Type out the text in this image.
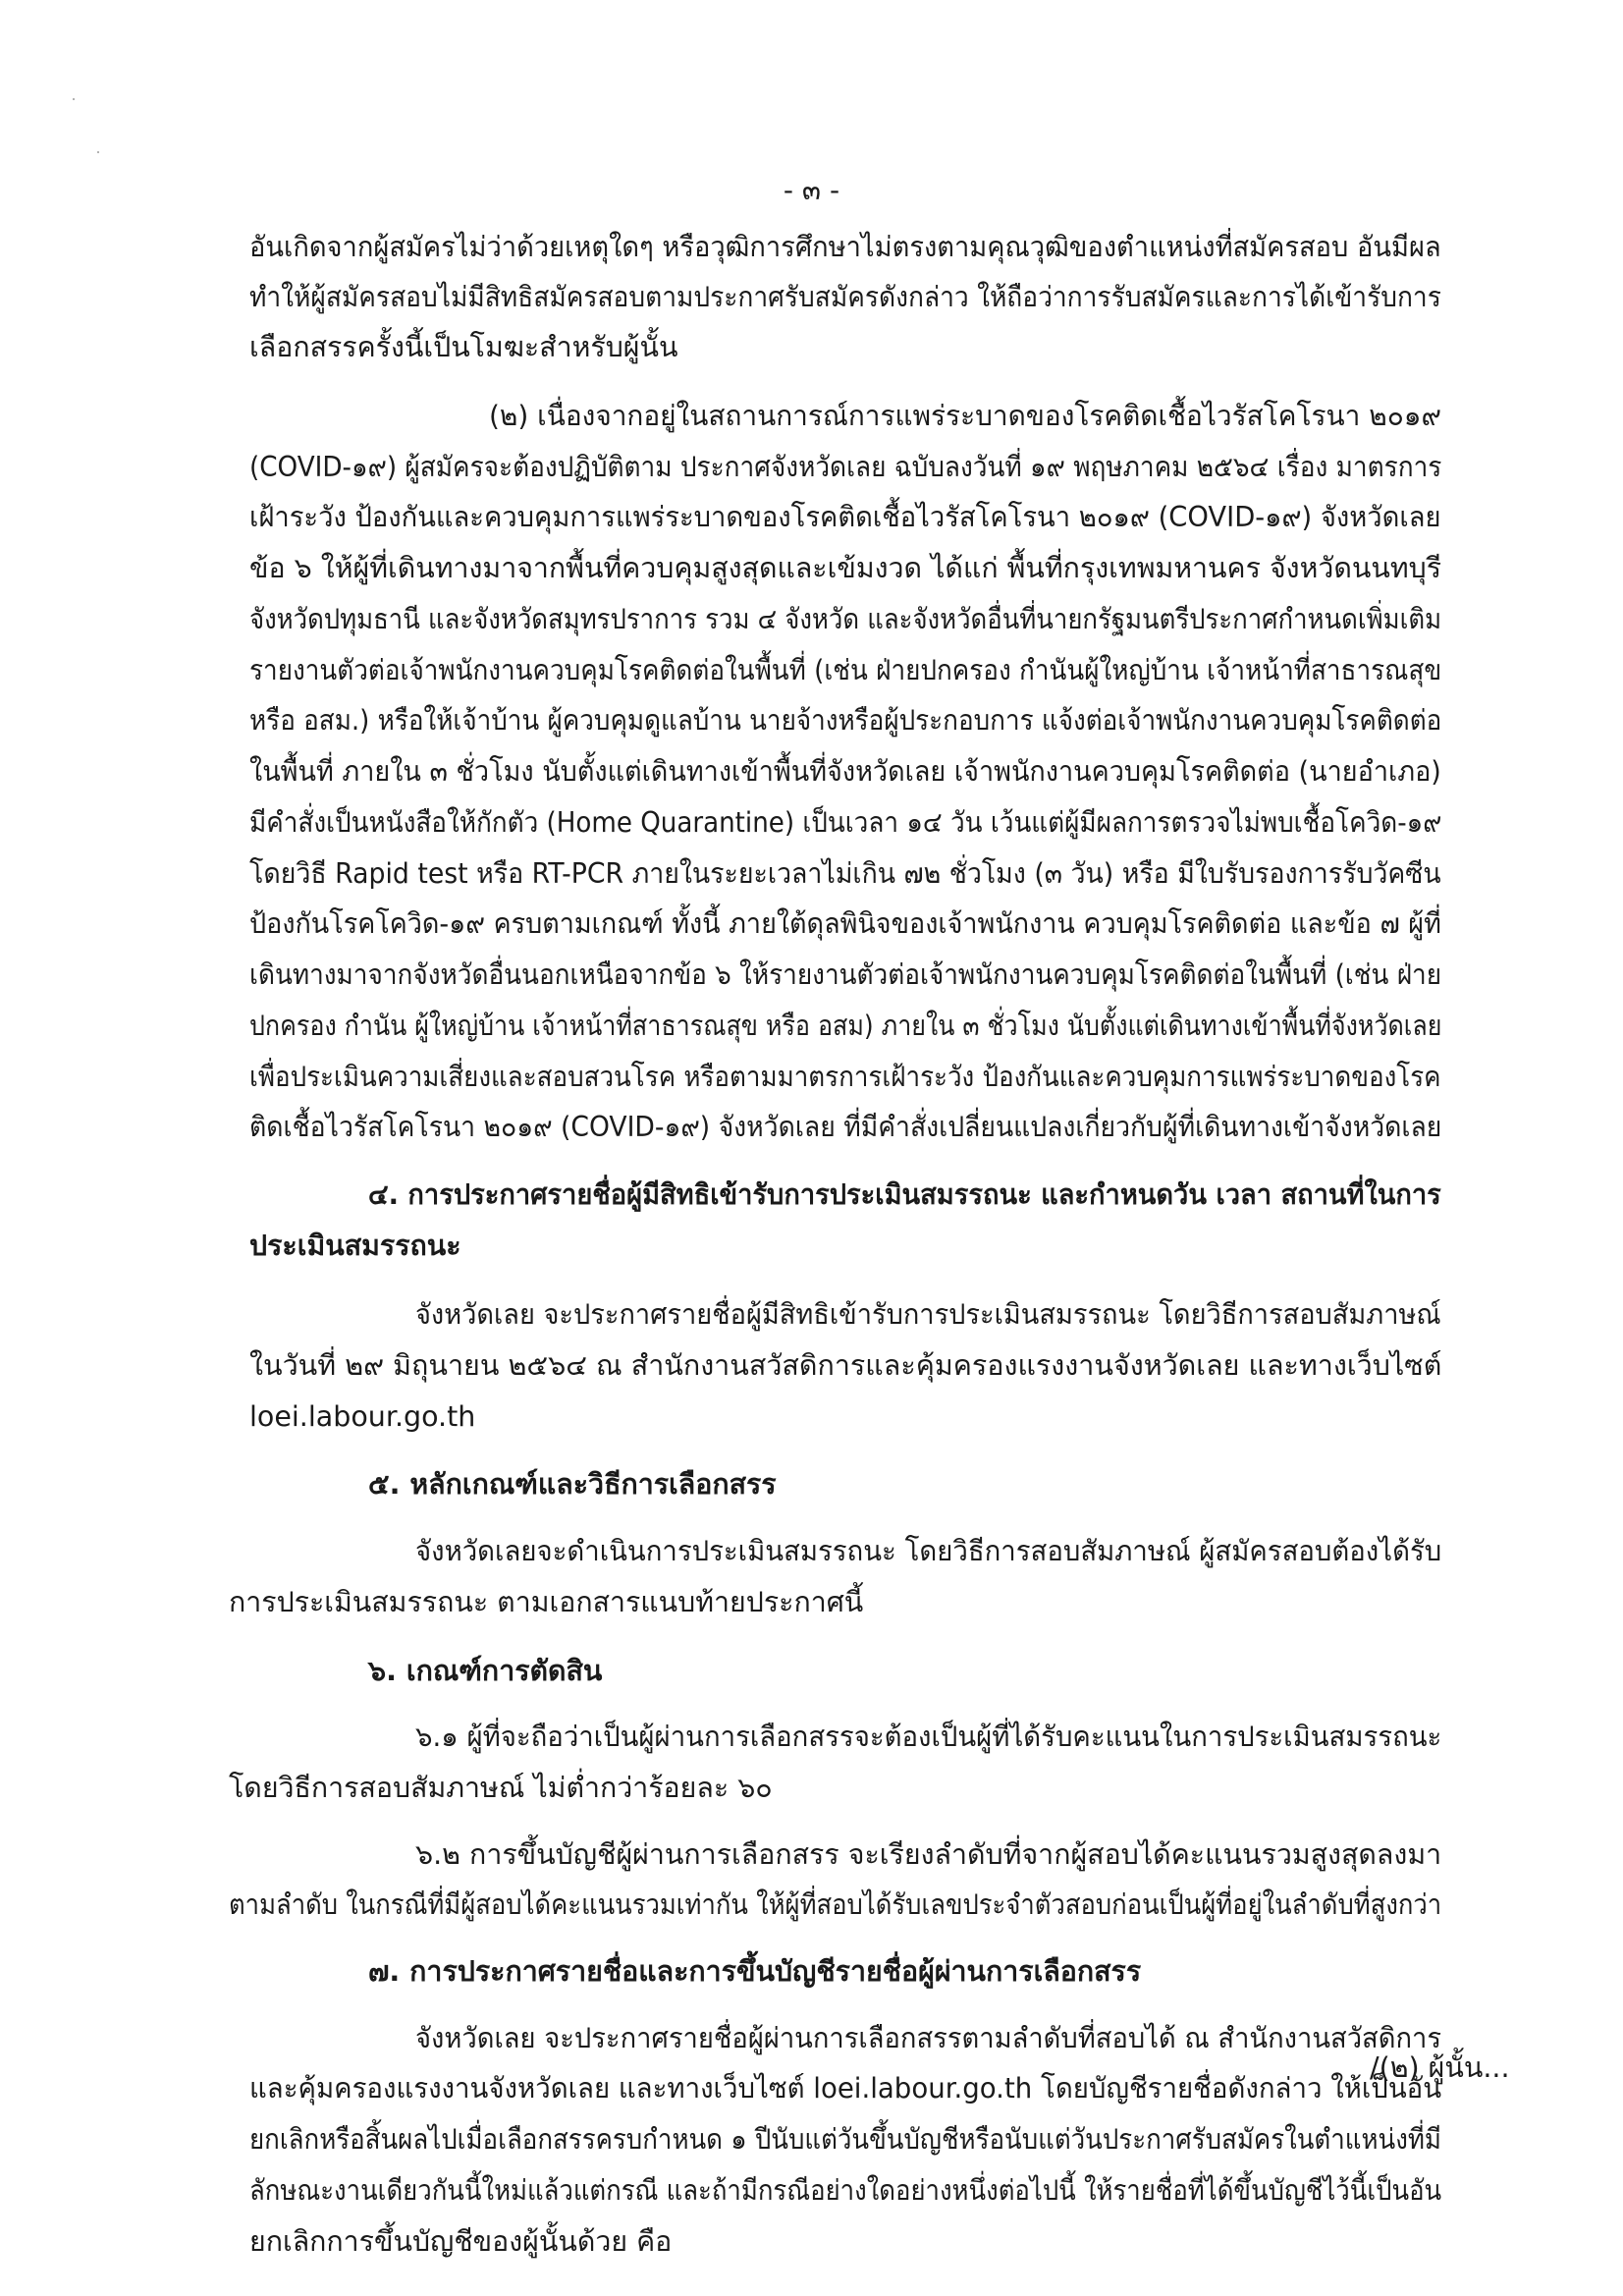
- ๓ -
อันเกิดจากผู้สมัครไม่ว่าด้วยเหตุใดๆ หรือวุฒิการศึกษาไม่ตรงตามคุณวุฒิของตำแหน่งที่สมัครสอบ อันมีผล
ทำให้ผู้สมัครสอบไม่มีสิทธิสมัครสอบตามประกาศรับสมัครดังกล่าว ให้ถือว่าการรับสมัครและการได้เข้ารับการ
เลือกสรรครั้งนี้เป็นโมฆะสำหรับผู้นั้น
(๒) เนื่องจากอยู่ในสถานการณ์การแพร่ระบาดของโรคติดเชื้อไวรัสโคโรนา ๒๐๑๙
(COVID-๑๙) ผู้สมัครจะต้องปฏิบัติตาม ประกาศจังหวัดเลย ฉบับลงวันที่ ๑๙ พฤษภาคม ๒๕๖๔ เรื่อง มาตรการ
เฝ้าระวัง ป้องกันและควบคุมการแพร่ระบาดของโรคติดเชื้อไวรัสโคโรนา ๒๐๑๙ (COVID-๑๙) จังหวัดเลย
ข้อ ๖ ให้ผู้ที่เดินทางมาจากพื้นที่ควบคุมสูงสุดและเข้มงวด ได้แก่ พื้นที่กรุงเทพมหานคร จังหวัดนนทบุรี
จังหวัดปทุมธานี และจังหวัดสมุทรปราการ รวม ๔ จังหวัด และจังหวัดอื่นที่นายกรัฐมนตรีประกาศกำหนดเพิ่มเติม
รายงานตัวต่อเจ้าพนักงานควบคุมโรคติดต่อในพื้นที่ (เช่น ฝ่ายปกครอง กำนันผู้ใหญ่บ้าน เจ้าหน้าที่สาธารณสุข
หรือ อสม.) หรือให้เจ้าบ้าน ผู้ควบคุมดูแลบ้าน นายจ้างหรือผู้ประกอบการ แจ้งต่อเจ้าพนักงานควบคุมโรคติดต่อ
ในพื้นที่ ภายใน ๓ ชั่วโมง นับตั้งแต่เดินทางเข้าพื้นที่จังหวัดเลย เจ้าพนักงานควบคุมโรคติดต่อ (นายอำเภอ)
มีคำสั่งเป็นหนังสือให้กักตัว (Home Quarantine) เป็นเวลา ๑๔ วัน เว้นแต่ผู้มีผลการตรวจไม่พบเชื้อโควิด-๑๙
โดยวิธี Rapid test หรือ RT-PCR ภายในระยะเวลาไม่เกิน ๗๒ ชั่วโมง (๓ วัน) หรือ มีใบรับรองการรับวัคซีน
ป้องกันโรคโควิด-๑๙ ครบตามเกณฑ์ ทั้งนี้ ภายใต้ดุลพินิจของเจ้าพนักงาน ควบคุมโรคติดต่อ และข้อ ๗ ผู้ที่
เดินทางมาจากจังหวัดอื่นนอกเหนือจากข้อ ๖ ให้รายงานตัวต่อเจ้าพนักงานควบคุมโรคติดต่อในพื้นที่ (เช่น ฝ่าย
ปกครอง กำนัน ผู้ใหญ่บ้าน เจ้าหน้าที่สาธารณสุข หรือ อสม) ภายใน ๓ ชั่วโมง นับตั้งแต่เดินทางเข้าพื้นที่จังหวัดเลย
เพื่อประเมินความเสี่ยงและสอบสวนโรค หรือตามมาตรการเฝ้าระวัง ป้องกันและควบคุมการแพร่ระบาดของโรค
ติดเชื้อไวรัสโคโรนา ๒๐๑๙ (COVID-๑๙) จังหวัดเลย ที่มีคำสั่งเปลี่ยนแปลงเกี่ยวกับผู้ที่เดินทางเข้าจังหวัดเลย
๔. การประกาศรายชื่อผู้มีสิทธิเข้ารับการประเมินสมรรถนะ และกำหนดวัน เวลา สถานที่ในการ
ประเมินสมรรถนะ
จังหวัดเลย จะประกาศรายชื่อผู้มีสิทธิเข้ารับการประเมินสมรรถนะ โดยวิธีการสอบสัมภาษณ์
ในวันที่ ๒๙ มิถุนายน ๒๕๖๔ ณ สำนักงานสวัสดิการและคุ้มครองแรงงานจังหวัดเลย และทางเว็บไซต์
loei.labour.go.th
๕. หลักเกณฑ์และวิธีการเลือกสรร
จังหวัดเลยจะดำเนินการประเมินสมรรถนะ โดยวิธีการสอบสัมภาษณ์ ผู้สมัครสอบต้องได้รับ
การประเมินสมรรถนะ ตามเอกสารแนบท้ายประกาศนี้
๖. เกณฑ์การตัดสิน
๖.๑ ผู้ที่จะถือว่าเป็นผู้ผ่านการเลือกสรรจะต้องเป็นผู้ที่ได้รับคะแนนในการประเมินสมรรถนะ
โดยวิธีการสอบสัมภาษณ์ ไม่ต่ำกว่าร้อยละ ๖๐
๖.๒ การขึ้นบัญชีผู้ผ่านการเลือกสรร จะเรียงลำดับที่จากผู้สอบได้คะแนนรวมสูงสุดลงมา
ตามลำดับ ในกรณีที่มีผู้สอบได้คะแนนรวมเท่ากัน ให้ผู้ที่สอบได้รับเลขประจำตัวสอบก่อนเป็นผู้ที่อยู่ในลำดับที่สูงกว่า
๗. การประกาศรายชื่อและการขึ้นบัญชีรายชื่อผู้ผ่านการเลือกสรร
จังหวัดเลย จะประกาศรายชื่อผู้ผ่านการเลือกสรรตามลำดับที่สอบได้ ณ สำนักงานสวัสดิการ
และคุ้มครองแรงงานจังหวัดเลย และทางเว็บไซต์ loei.labour.go.th โดยบัญชีรายชื่อดังกล่าว ให้เป็นอัน
ยกเลิกหรือสิ้นผลไปเมื่อเลือกสรรครบกำหนด ๑ ปีนับแต่วันขึ้นบัญชีหรือนับแต่วันประกาศรับสมัครในตำแหน่งที่มี
ลักษณะงานเดียวกันนี้ใหม่แล้วแต่กรณี และถ้ามีกรณีอย่างใดอย่างหนึ่งต่อไปนี้ ให้รายชื่อที่ได้ขึ้นบัญชีไว้นี้เป็นอัน
ยกเลิกการขึ้นบัญชีของผู้นั้นด้วย คือ
/(๒) ผู้นั้น...
